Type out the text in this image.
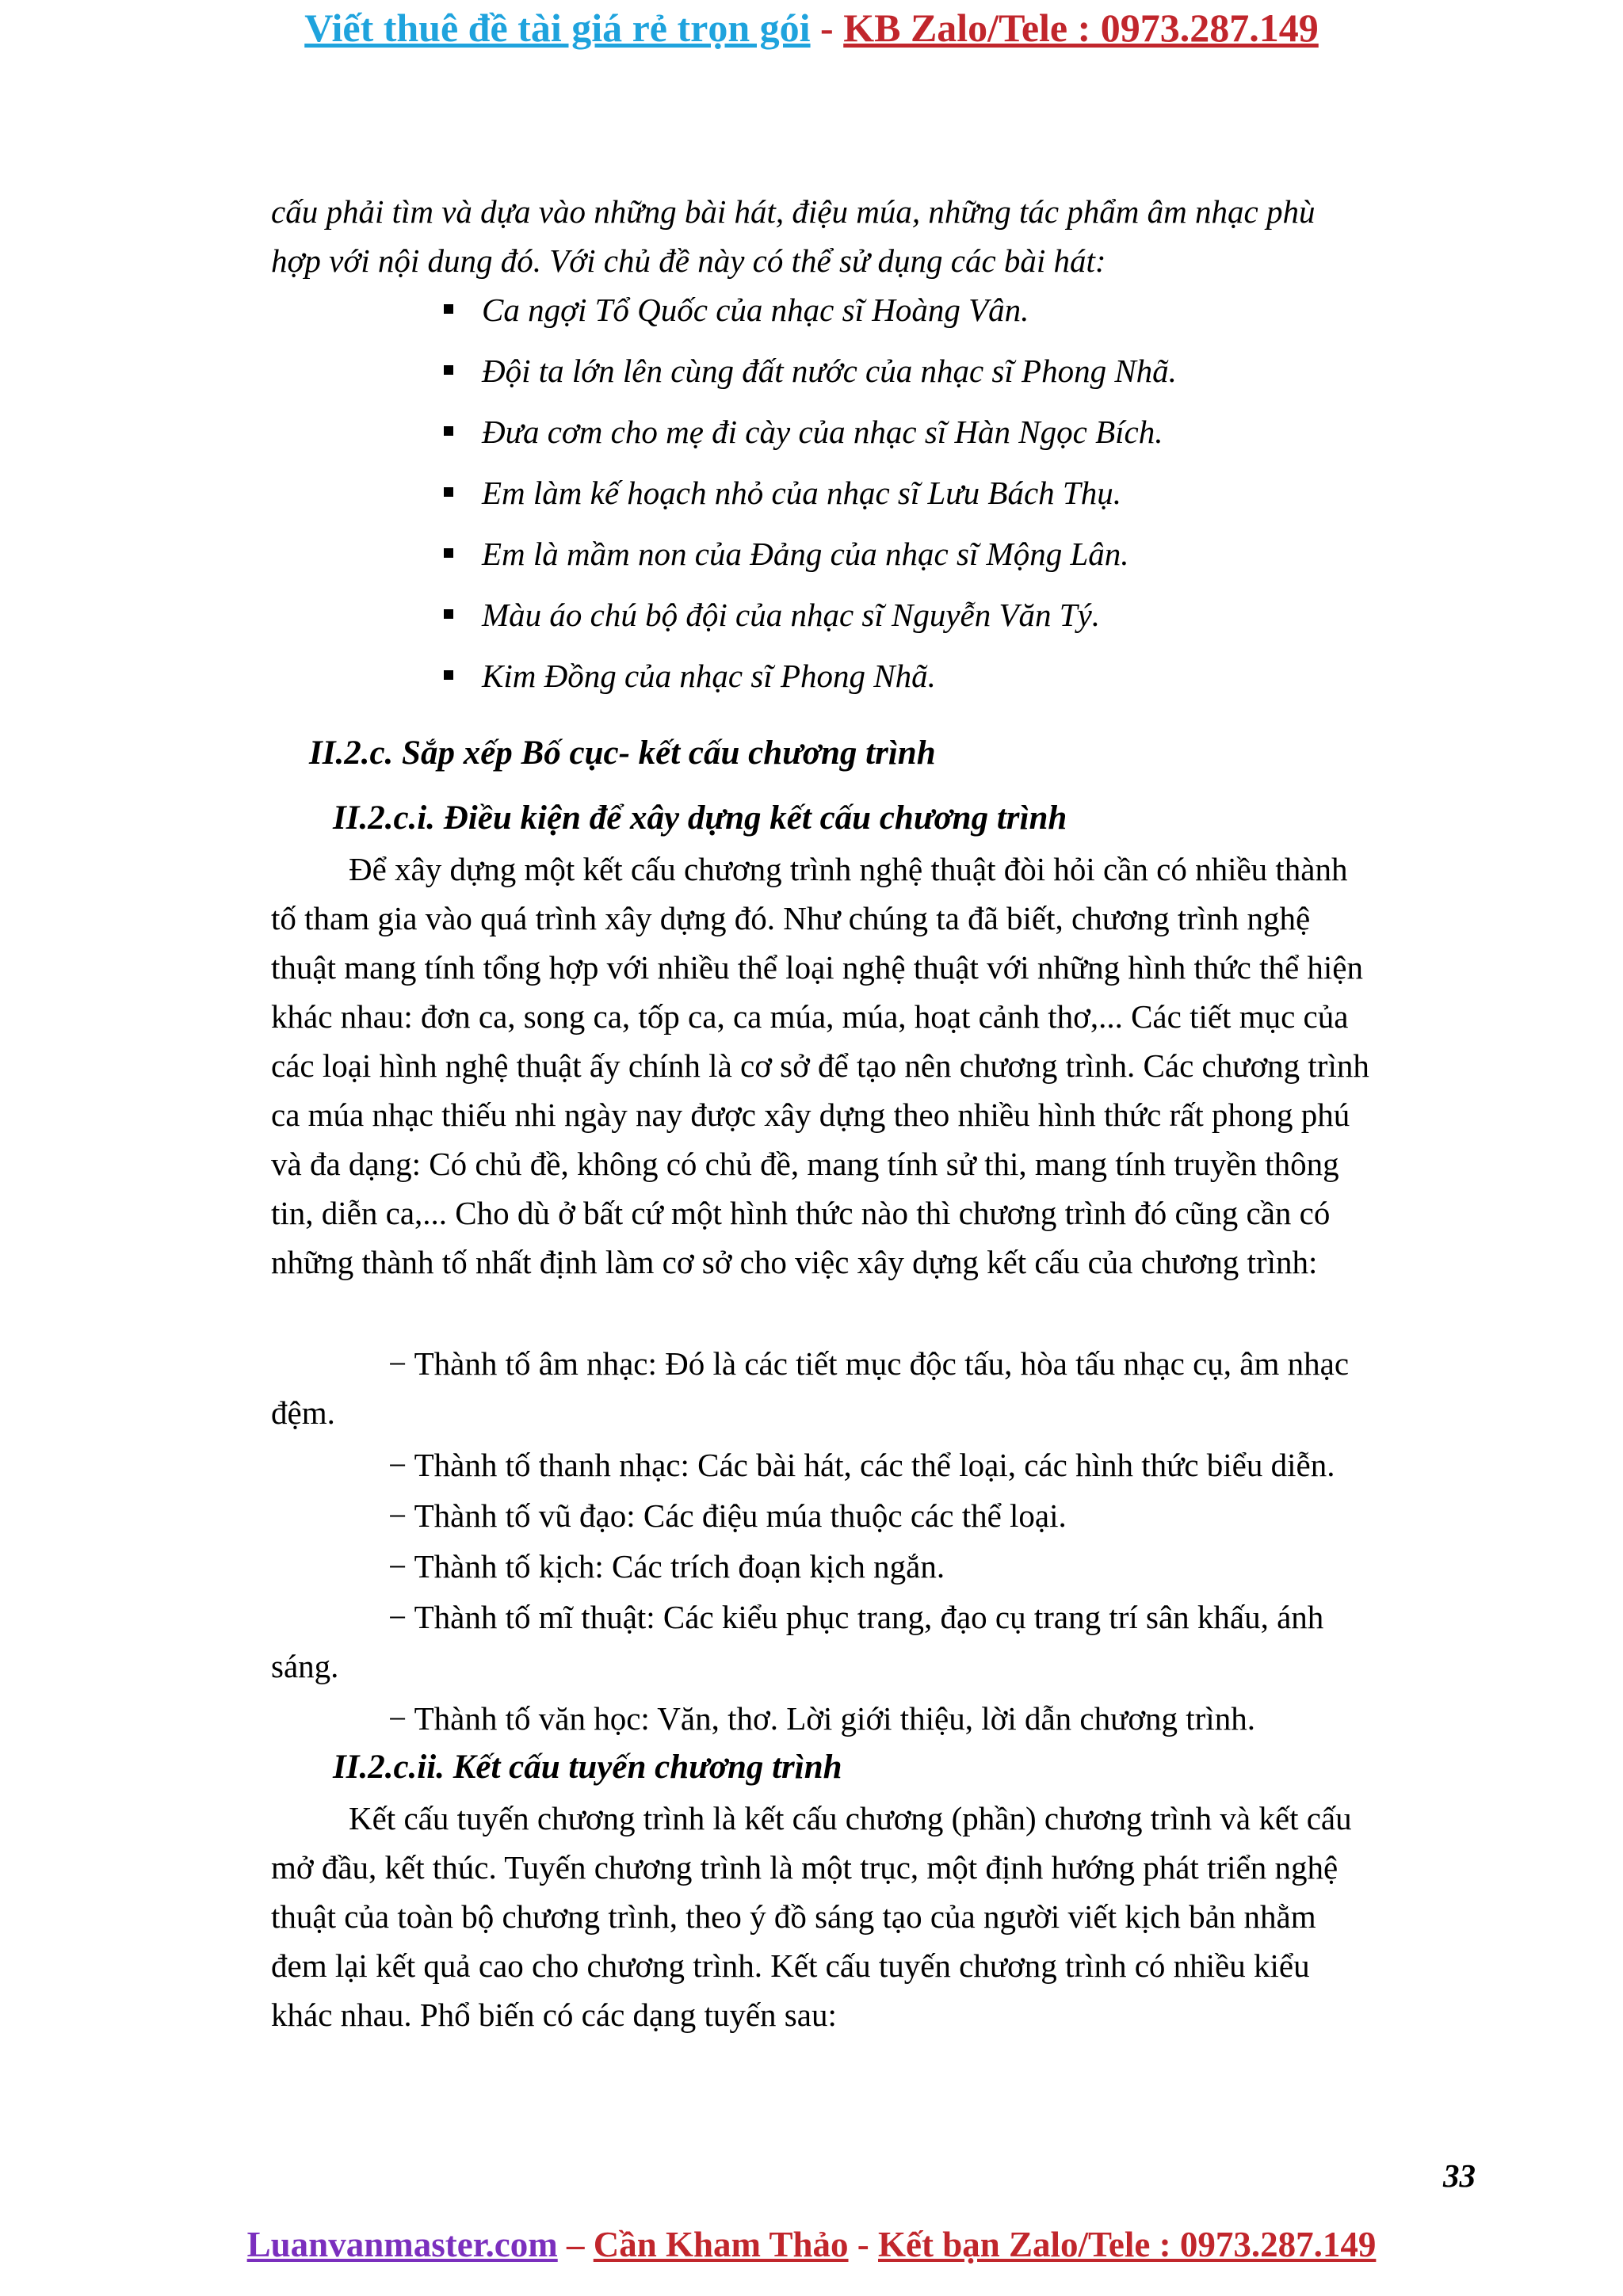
Viết thuê đề tài giá rẻ trọn gói - KB Zalo/Tele : 0973.287.149
cấu phải tìm và dựa vào những bài hát, điệu múa, những tác phẩm âm nhạc phù
hợp với nội dung đó. Với chủ đề này có thể sử dụng các bài hát:
Ca ngợi Tổ Quốc của nhạc sĩ Hoàng Vân.
Đội ta lớn lên cùng đất nước của nhạc sĩ Phong Nhã.
Đưa cơm cho mẹ đi cày của nhạc sĩ Hàn Ngọc Bích.
Em làm kế hoạch nhỏ của nhạc sĩ Lưu Bách Thụ.
Em là mầm non của Đảng của nhạc sĩ Mộng Lân.
Màu áo chú bộ đội của nhạc sĩ Nguyễn Văn Tý.
Kim Đồng của nhạc sĩ Phong Nhã.
II.2.c. Sắp xếp Bố cục- kết cấu chương trình
II.2.c.i. Điều kiện để xây dựng kết cấu chương trình
Để xây dựng một kết cấu chương trình nghệ thuật đòi hỏi cần có nhiều thành
tố tham gia vào quá trình xây dựng đó. Như chúng ta đã biết, chương trình nghệ
thuật mang tính tổng hợp với nhiều thể loại nghệ thuật với những hình thức thể hiện
khác nhau: đơn ca, song ca, tốp ca, ca múa, múa, hoạt cảnh thơ,... Các tiết mục của
các loại hình nghệ thuật ấy chính là cơ sở để tạo nên chương trình. Các chương trình
ca múa nhạc thiếu nhi ngày nay được xây dựng theo nhiều hình thức rất phong phú
và đa dạng: Có chủ đề, không có chủ đề, mang tính sử thi, mang tính truyền thông
tin, diễn ca,... Cho dù ở bất cứ một hình thức nào thì chương trình đó cũng cần có
những thành tố nhất định làm cơ sở cho việc xây dựng kết cấu của chương trình:
− Thành tố âm nhạc: Đó là các tiết mục độc tấu, hòa tấu nhạc cụ, âm nhạc
đệm.
− Thành tố thanh nhạc: Các bài hát, các thể loại, các hình thức biểu diễn.
− Thành tố vũ đạo: Các điệu múa thuộc các thể loại.
− Thành tố kịch: Các trích đoạn kịch ngắn.
− Thành tố mĩ thuật: Các kiểu phục trang, đạo cụ trang trí sân khấu, ánh
sáng.
− Thành tố văn học: Văn, thơ. Lời giới thiệu, lời dẫn chương trình.
II.2.c.ii. Kết cấu tuyến chương trình
Kết cấu tuyến chương trình là kết cấu chương (phần) chương trình và kết cấu
mở đầu, kết thúc. Tuyến chương trình là một trục, một định hướng phát triển nghệ
thuật của toàn bộ chương trình, theo ý đồ sáng tạo của người viết kịch bản nhằm
đem lại kết quả cao cho chương trình. Kết cấu tuyến chương trình có nhiều kiểu
khác nhau. Phổ biến có các dạng tuyến sau:
33
Luanvanmaster.com – Cần Kham Thảo - Kết bạn Zalo/Tele : 0973.287.149
